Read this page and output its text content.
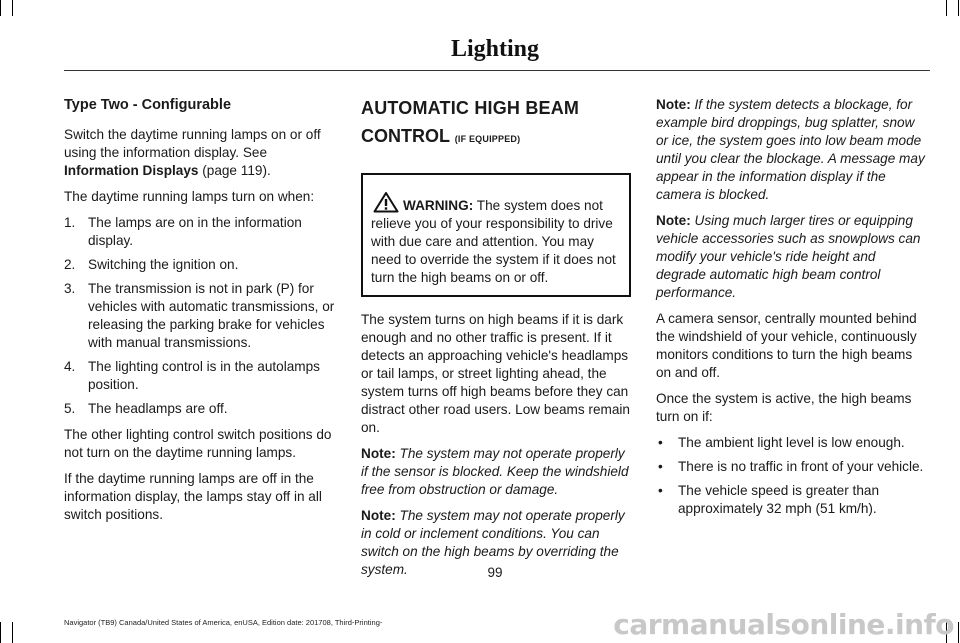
Lighting

Type Two - Configurable

Switch the daytime running lamps on or off using the information display. See Information Displays (page 119).

The daytime running lamps turn on when:

1. The lamps are on in the information display.
2. Switching the ignition on.
3. The transmission is not in park (P) for vehicles with automatic transmissions, or releasing the parking brake for vehicles with manual transmissions.
4. The lighting control is in the autolamps position.
5. The headlamps are off.

The other lighting control switch positions do not turn on the daytime running lamps.

If the daytime running lamps are off in the information display, the lamps stay off in all switch positions.

AUTOMATIC HIGH BEAM

CONTROL (IF EQUIPPED)

WARNING: The system does not relieve you of your responsibility to drive with due care and attention. You may need to override the system if it does not turn the high beams on or off.

The system turns on high beams if it is dark enough and no other traffic is present. If it detects an approaching vehicle's headlamps or tail lamps, or street lighting ahead, the system turns off high beams before they can distract other road users. Low beams remain on.

Note: The system may not operate properly if the sensor is blocked. Keep the windshield free from obstruction or damage.

Note: The system may not operate properly in cold or inclement conditions. You can switch on the high beams by overriding the system.

Note: If the system detects a blockage, for example bird droppings, bug splatter, snow or ice, the system goes into low beam mode until you clear the blockage. A message may appear in the information display if the camera is blocked.

Note: Using much larger tires or equipping vehicle accessories such as snowplows can modify your vehicle's ride height and degrade automatic high beam control performance.

A camera sensor, centrally mounted behind the windshield of your vehicle, continuously monitors conditions to turn the high beams on and off.

Once the system is active, the high beams turn on if:

• The ambient light level is low enough.
• There is no traffic in front of your vehicle.
• The vehicle speed is greater than approximately 32 mph (51 km/h).
99
Navigator (TB9) Canada/United States of America, enUSA, Edition date: 201708, Third-Printing-	carmanualsonline.info
